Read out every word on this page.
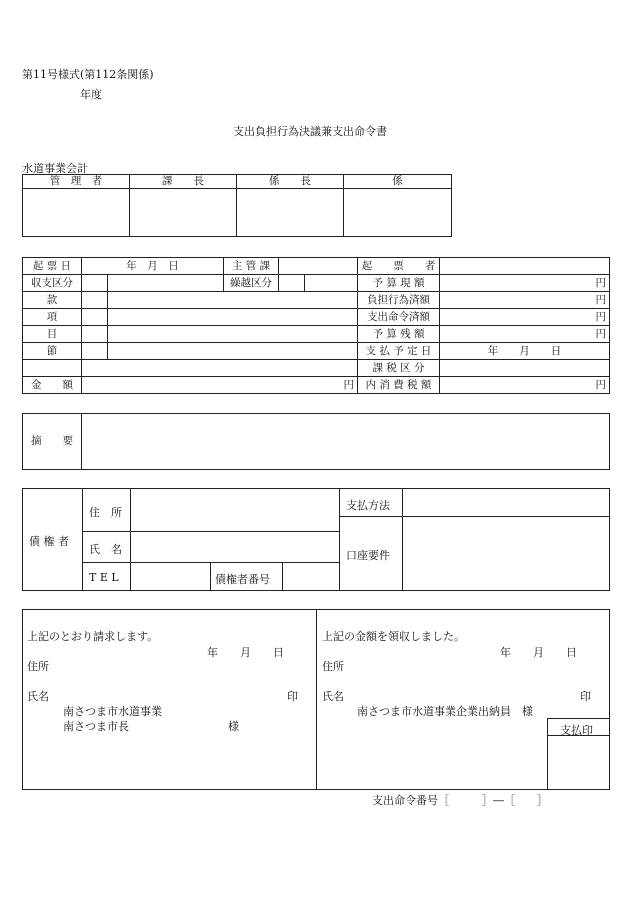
第11号様式(第112条関係)
年度
支出負担行為決議兼支出命令書
水道事業会計
管　理　者	課　　長	係　　長	係

起 票 日	年　月　日		主 管 課			起　　票　　者	
収支区分			繰越区分			予 算 現 額	円
款						負担行為済額	円
項						支出命令済額	円
目						予 算 残 額	円
節						支 払 予 定 日	年　　月　　日
						課 税 区 分	
金　　額	円					内 消 費 税 額	円
摘　　要	
債 権 者
住　所
氏　名
T E L	債権者番号
支払方法
口座要件
上記のとおり請求します。
年　　月　　日
住所
氏名	印
南さつま市水道事業
南さつま市長	様
上記の金額を領収しました。
年　　月　　日
住所
氏名	印
南さつま市水道事業企業出納員　様
支払印
支出命令番号［　　　］―［　　］
